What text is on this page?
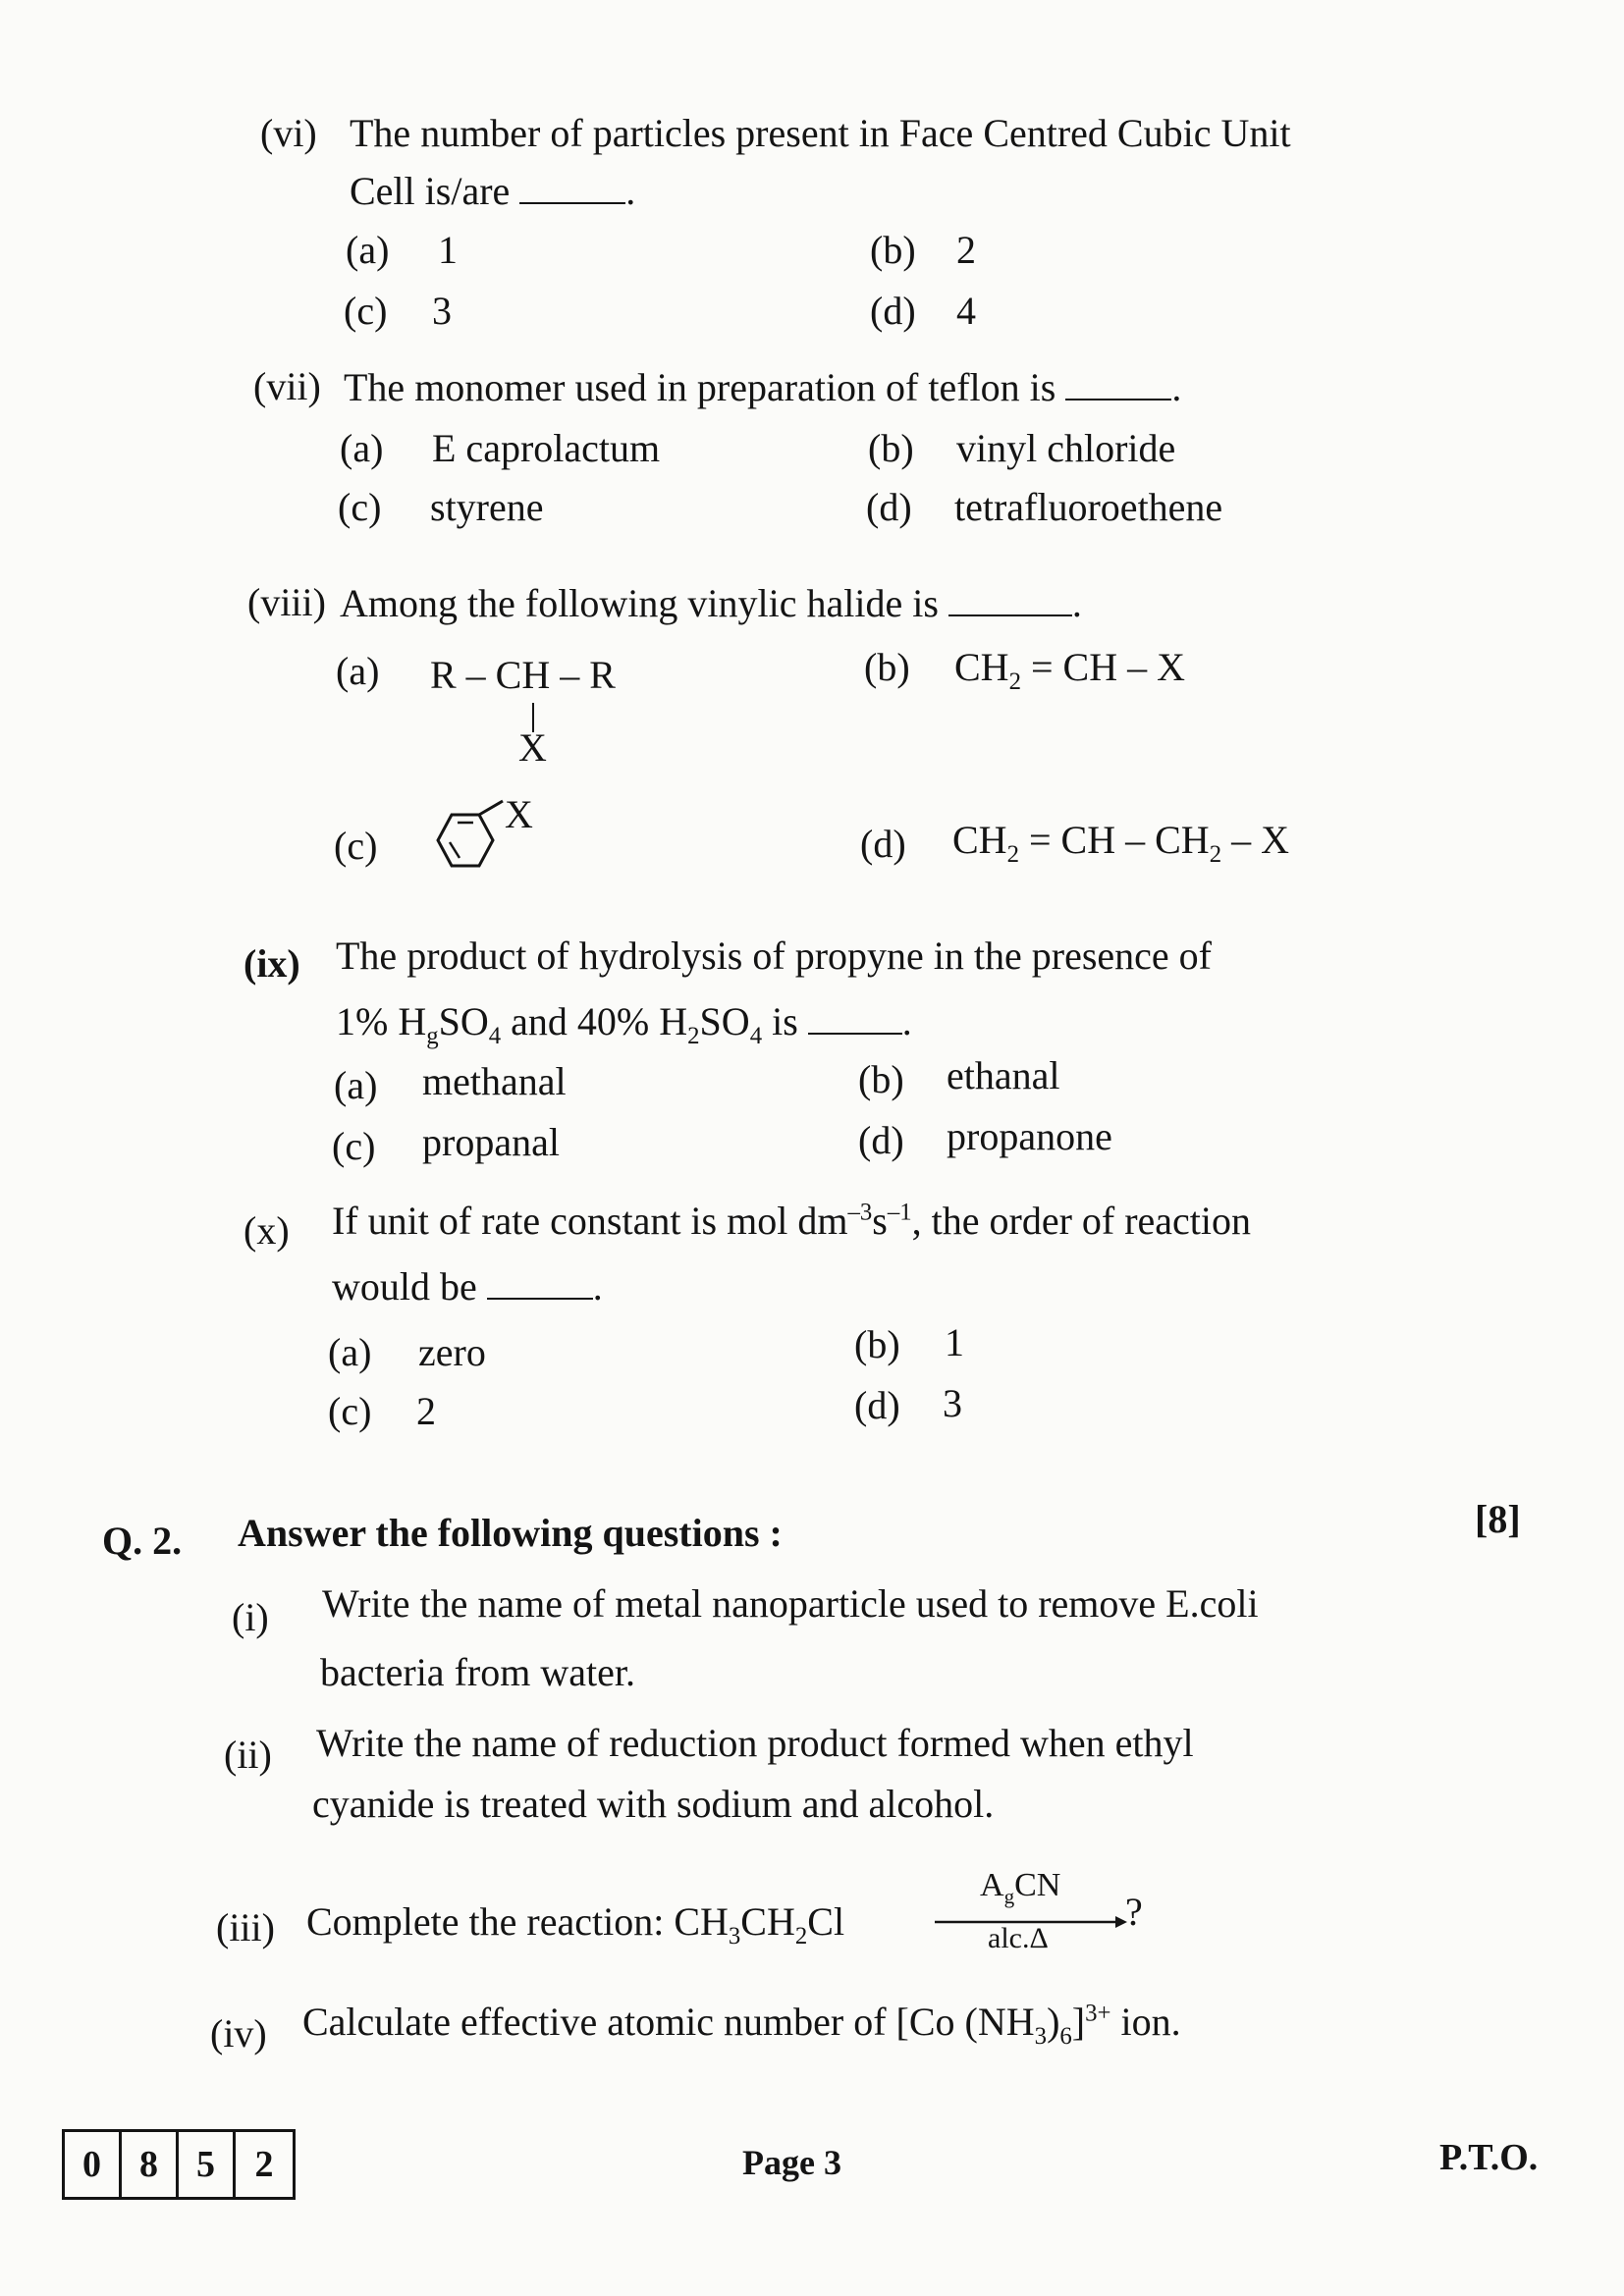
(vi) The number of particles present in Face Centred Cubic Unit
Cell is/are	.
(a) 1	(b) 2
(c) 3	(d) 4
(vii) The monomer used in preparation of teflon is	.
(a) E caprolactum	(b) vinyl chloride
(c) styrene	(d) tetrafluoroethene
(viii) Among the following vinylic halide is	.
(a) R – CH – R
X
(b) $CH_2$ = CH – X
(c)
X
(d) $CH_2$ = CH – $CH_2$ – X
(ix) The product of hydrolysis of propyne in the presence of
1% $H_gSO_4$ and 40% $H_2SO_4$ is	.
(a) methanal	(b) ethanal
(c) propanal	(d) propanone
(x) If unit of rate constant is mol $dm^{-3}s^{-1}$, the order of reaction
would be	.
(a) zero	(b) 1
(c) 2	(d) 3
Q. 2. Answer the following questions :	[8]
(i) Write the name of metal nanoparticle used to remove E.coli
bacteria from water.
(ii) Write the name of reduction product formed when ethyl
cyanide is treated with sodium and alcohol.
(iii) Complete the reaction: $CH_3CH_2Cl$
$A_gCN$
alc.Δ
?
(iv) Calculate effective atomic number of [Co $(NH_3)_6]^{3+}$ ion.
0	8	5	2	Page 3	P.T.O.
